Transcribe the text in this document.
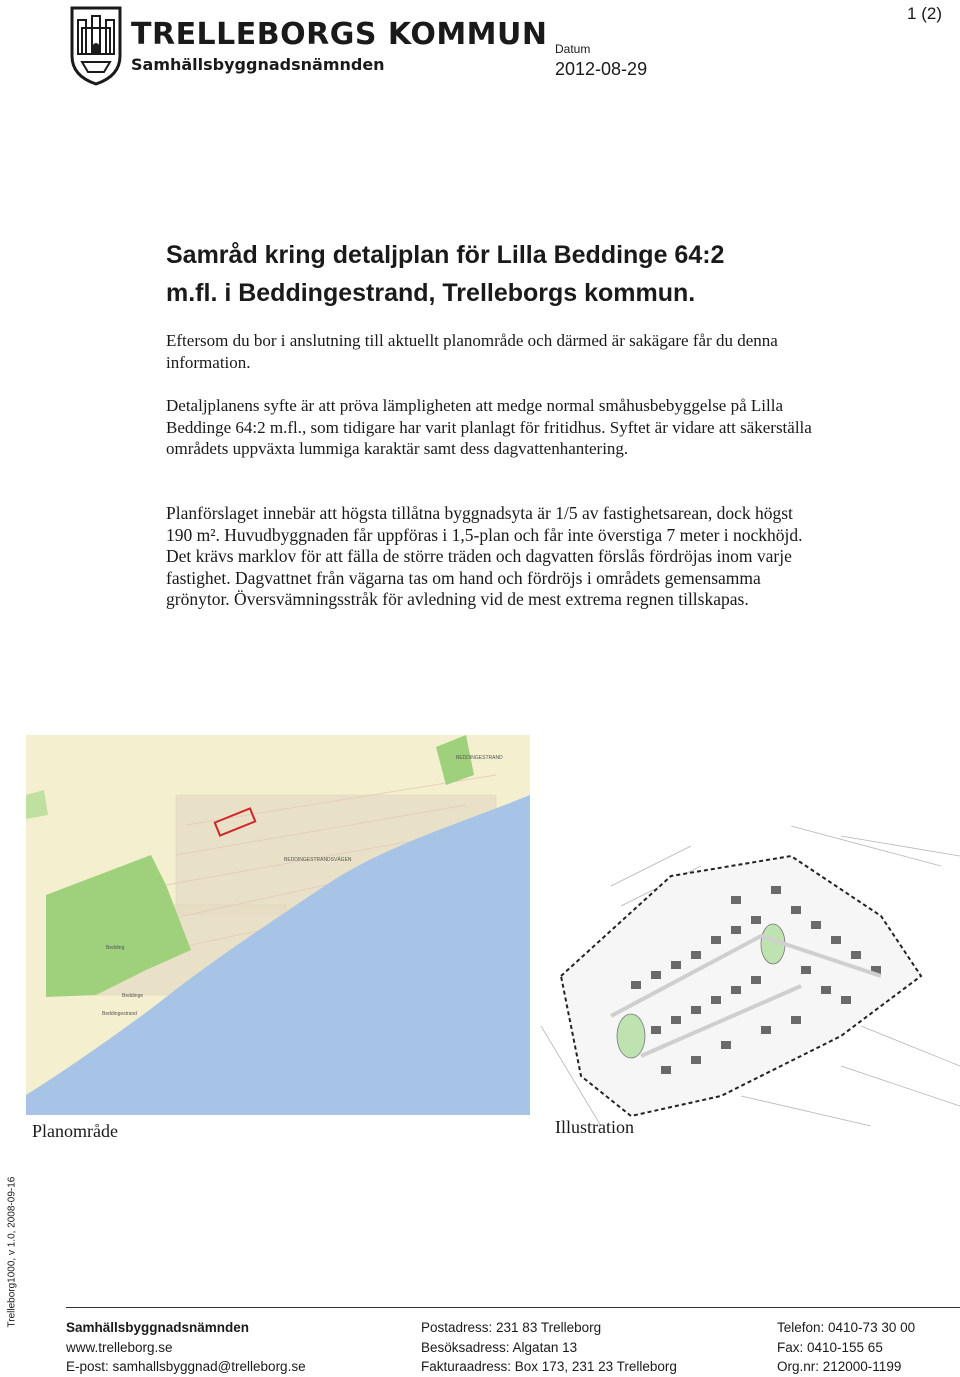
1 (2)
TRELLEBORGS KOMMUN
Samhällsbyggnadsnämnden
Datum
2012-08-29
Samråd kring detaljplan för Lilla Beddinge 64:2
m.fl. i Beddingestrand, Trelleborgs kommun.

Eftersom du bor i anslutning till aktuellt planområde och därmed är sakägare får du denna information.

Detaljplanens syfte är att pröva lämpligheten att medge normal småhusbebyggelse på Lilla Beddinge 64:2 m.fl., som tidigare har varit planlagt för fritidhus. Syftet är vidare att säkerställa områdets uppväxta lummiga karaktär samt dess dagvattenhantering.

Planförslaget innebär att högsta tillåtna byggnadsyta är 1/5 av fastighetsarean, dock högst 190 m². Huvudbyggnaden får uppföras i 1,5-plan och får inte överstiga 7 meter i nockhöjd. Det krävs marklov för att fälla de större träden och dagvatten förslås fördröjas inom varje fastighet. Dagvattnet från vägarna tas om hand och fördröjs i områdets gemensamma grönytor. Översvämningsstråk för avledning vid de mest extrema regnen tillskapas.

BEDDINGESTRAND
BEDDINGESTRANDSVÄGEN
Bedding
Beddinge
Beddingestrand
Planområde	Illustration
Trelleborg1000, v 1.0, 2008-09-16	Samhällsbyggnadsnämnden
www.trelleborg.se
E-post: samhallsbyggnad@trelleborg.se
Postadress: 231 83 Trelleborg
Besöksadress: Algatan 13
Fakturaadress: Box 173, 231 23 Trelleborg
Telefon: 0410-73 30 00
Fax: 0410-155 65
Org.nr: 212000-1199
